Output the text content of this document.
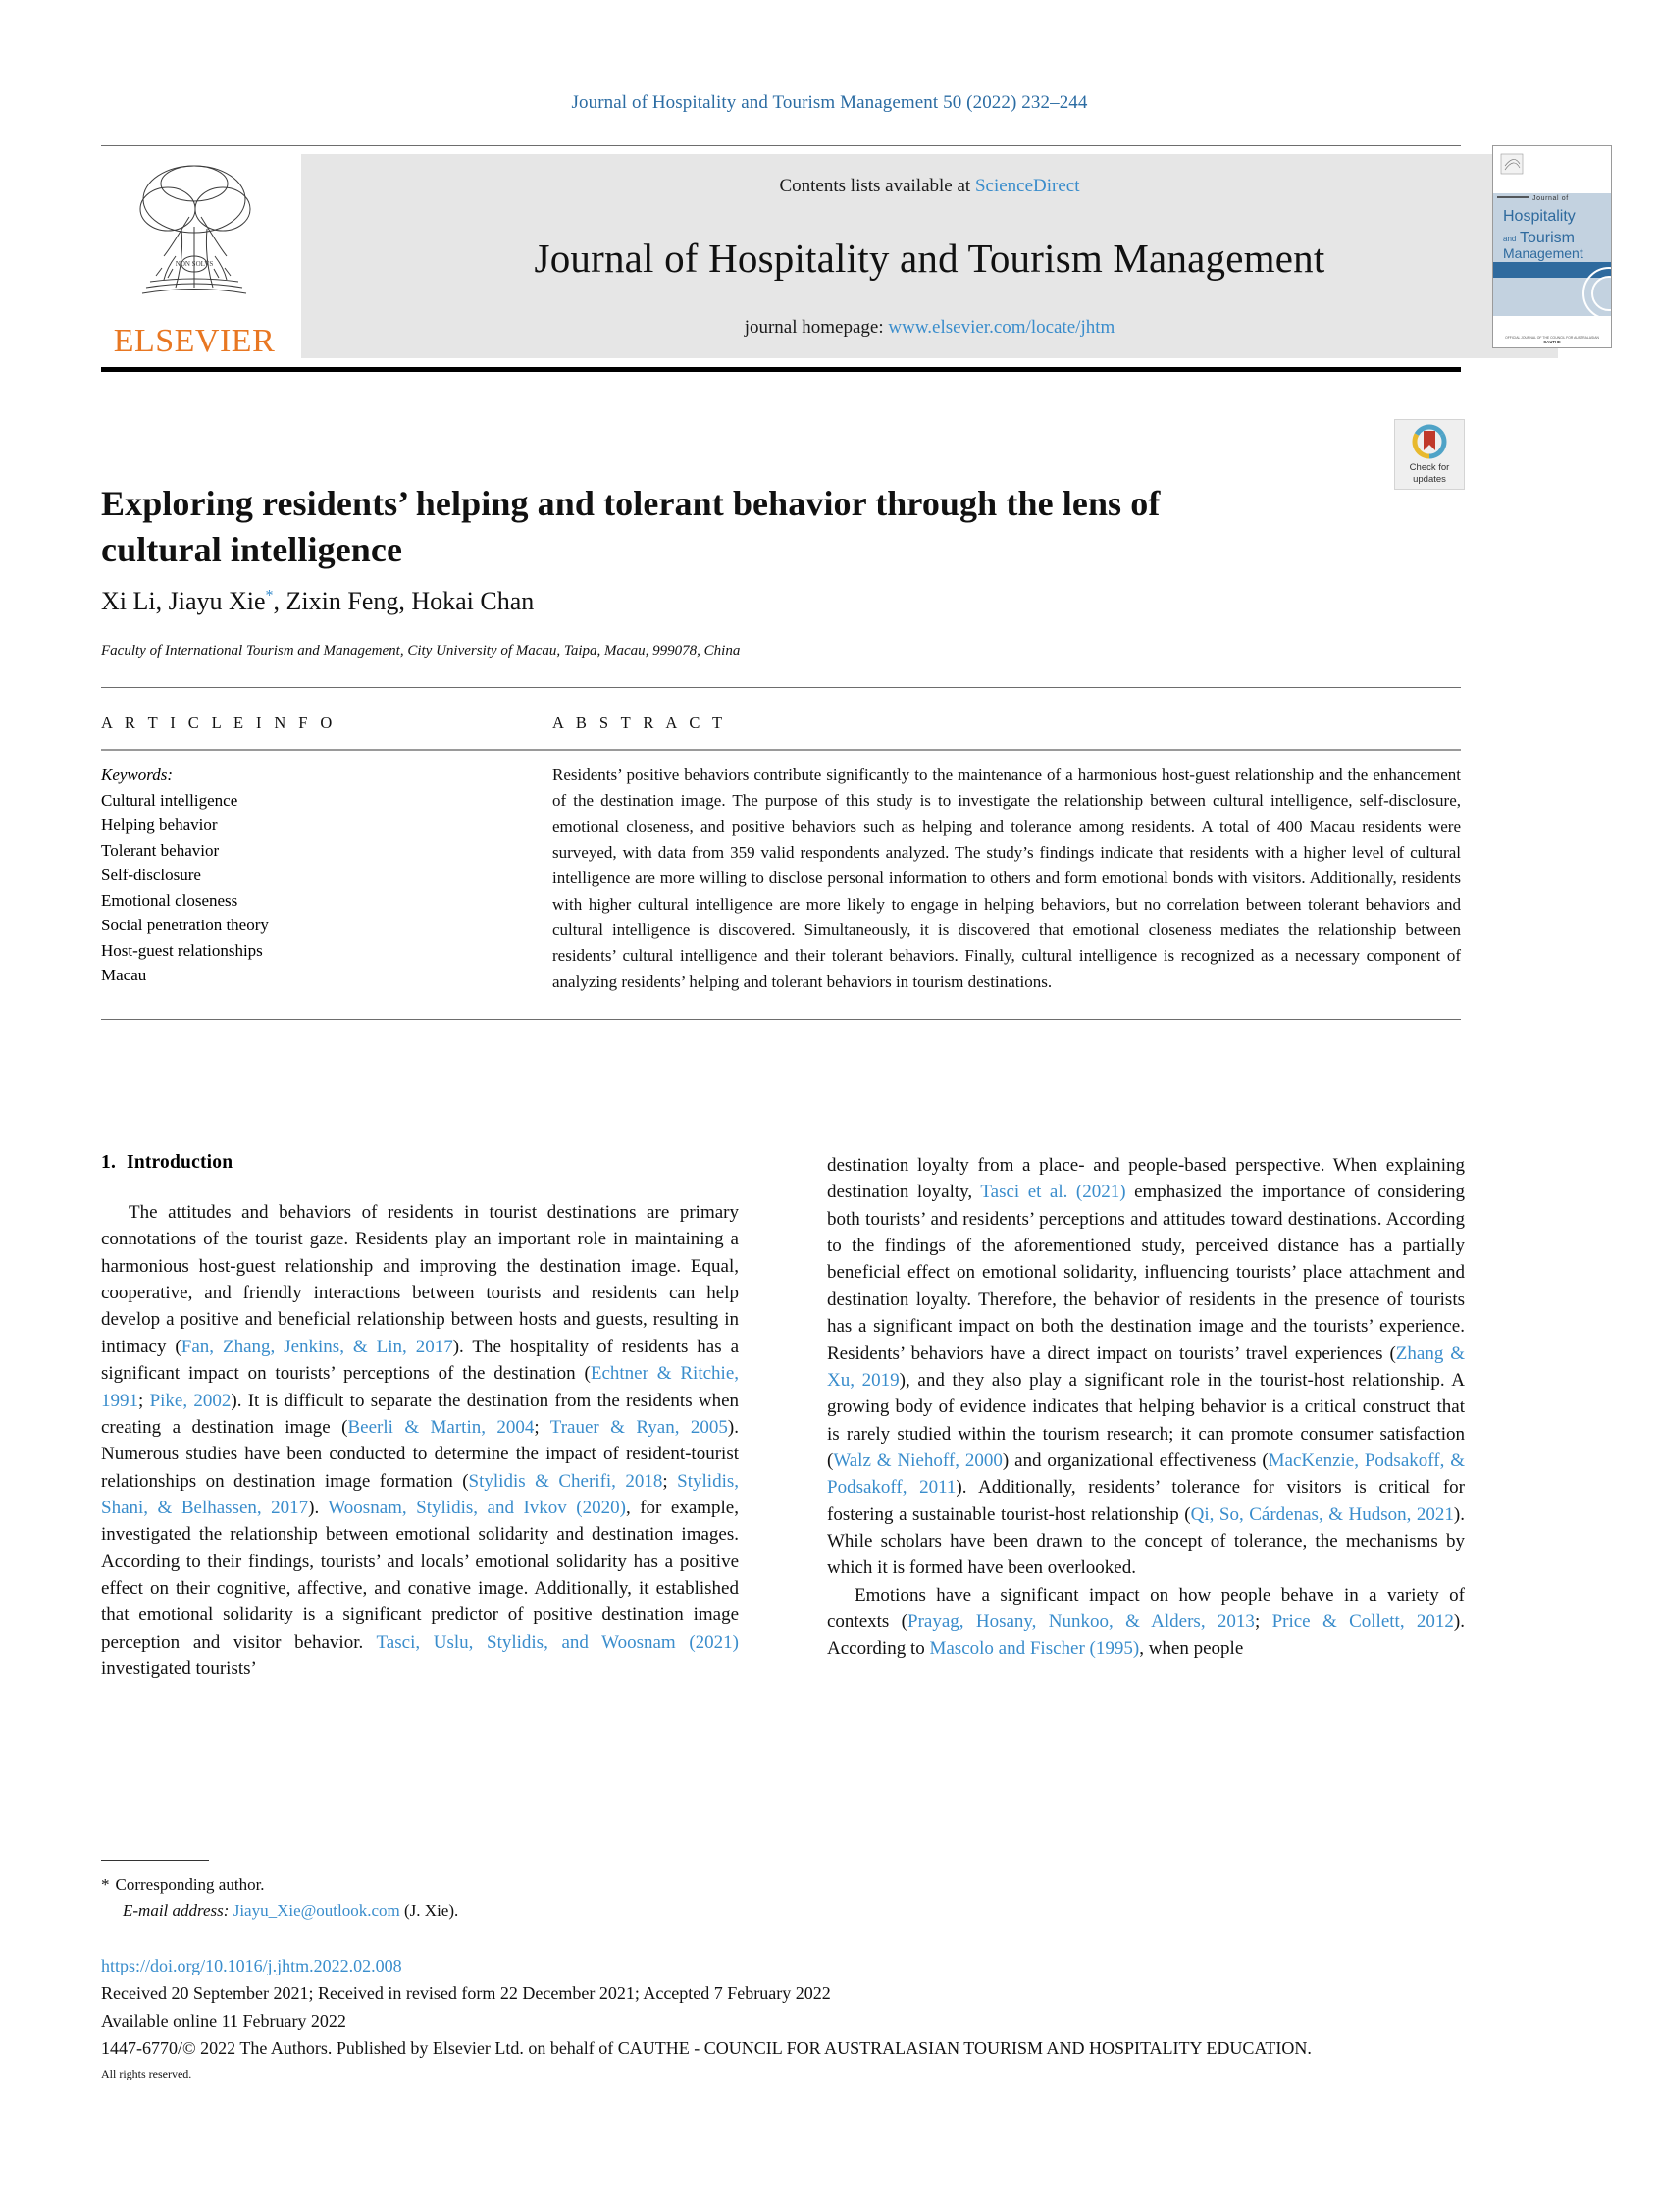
Journal of Hospitality and Tourism Management 50 (2022) 232–244
NON SOLVS
ELSEVIER
Contents lists available at ScienceDirect
Journal of Hospitality and Tourism Management
journal homepage: www.elsevier.com/locate/jhtm
Journal of
Hospitality
and Tourism
Management
OFFICIAL JOURNAL OF THE COUNCIL FOR AUSTRALASIAN
CAUTHE
Exploring residents’ helping and tolerant behavior through the lens of cultural intelligence
Xi Li, Jiayu Xie*, Zixin Feng, Hokai Chan
Faculty of International Tourism and Management, City University of Macau, Taipa, Macau, 999078, China
Check for
updates
A R T I C L E I N F O
Keywords:
Cultural intelligence
Helping behavior
Tolerant behavior
Self-disclosure
Emotional closeness
Social penetration theory
Host-guest relationships
Macau
A B S T R A C T
Residents’ positive behaviors contribute significantly to the maintenance of a harmonious host-guest relationship and the enhancement of the destination image. The purpose of this study is to investigate the relationship between cultural intelligence, self-disclosure, emotional closeness, and positive behaviors such as helping and tolerance among residents. A total of 400 Macau residents were surveyed, with data from 359 valid respondents analyzed. The study’s findings indicate that residents with a higher level of cultural intelligence are more willing to disclose personal information to others and form emotional bonds with visitors. Additionally, residents with higher cultural intelligence are more likely to engage in helping behaviors, but no correlation between tolerant behaviors and cultural intelligence is discovered. Simultaneously, it is discovered that emotional closeness mediates the relationship between residents’ cultural intelligence and their tolerant behaviors. Finally, cultural intelligence is recognized as a necessary component of analyzing residents’ helping and tolerant behaviors in tourism destinations.
1. Introduction

The attitudes and behaviors of residents in tourist destinations are primary connotations of the tourist gaze. Residents play an important role in maintaining a harmonious host-guest relationship and improving the destination image. Equal, cooperative, and friendly interactions between tourists and residents can help develop a positive and beneficial relationship between hosts and guests, resulting in intimacy (Fan, Zhang, Jenkins, & Lin, 2017). The hospitality of residents has a significant impact on tourists’ perceptions of the destination (Echtner & Ritchie, 1991; Pike, 2002). It is difficult to separate the destination from the residents when creating a destination image (Beerli & Martin, 2004; Trauer & Ryan, 2005). Numerous studies have been conducted to determine the impact of resident-tourist relationships on destination image formation (Stylidis & Cherifi, 2018; Stylidis, Shani, & Belhassen, 2017). Woosnam, Stylidis, and Ivkov (2020), for example, investigated the relationship between emotional solidarity and destination images. According to their findings, tourists’ and locals’ emotional solidarity has a positive effect on their cognitive, affective, and conative image. Additionally, it established that emotional solidarity is a significant predictor of positive destination image perception and visitor behavior. Tasci, Uslu, Stylidis, and Woosnam (2021) investigated tourists’

destination loyalty from a place- and people-based perspective. When explaining destination loyalty, Tasci et al. (2021) emphasized the importance of considering both tourists’ and residents’ perceptions and attitudes toward destinations. According to the findings of the aforementioned study, perceived distance has a partially beneficial effect on emotional solidarity, influencing tourists’ place attachment and destination loyalty. Therefore, the behavior of residents in the presence of tourists has a significant impact on both the destination image and the tourists’ experience. Residents’ behaviors have a direct impact on tourists’ travel experiences (Zhang & Xu, 2019), and they also play a significant role in the tourist-host relationship. A growing body of evidence indicates that helping behavior is a critical construct that is rarely studied within the tourism research; it can promote consumer satisfaction (Walz & Niehoff, 2000) and organizational effectiveness (MacKenzie, Podsakoff, & Podsakoff, 2011). Additionally, residents’ tolerance for visitors is critical for fostering a sustainable tourist-host relationship (Qi, So, Cárdenas, & Hudson, 2021). While scholars have been drawn to the concept of tolerance, the mechanisms by which it is formed have been overlooked.

Emotions have a significant impact on how people behave in a variety of contexts (Prayag, Hosany, Nunkoo, & Alders, 2013; Price & Collett, 2012). According to Mascolo and Fischer (1995), when people

* Corresponding author.
E-mail address: Jiayu_Xie@outlook.com (J. Xie).
https://doi.org/10.1016/j.jhtm.2022.02.008
Received 20 September 2021; Received in revised form 22 December 2021; Accepted 7 February 2022
Available online 11 February 2022
1447-6770/© 2022 The Authors. Published by Elsevier Ltd. on behalf of CAUTHE - COUNCIL FOR AUSTRALASIAN TOURISM AND HOSPITALITY EDUCATION.
All rights reserved.
